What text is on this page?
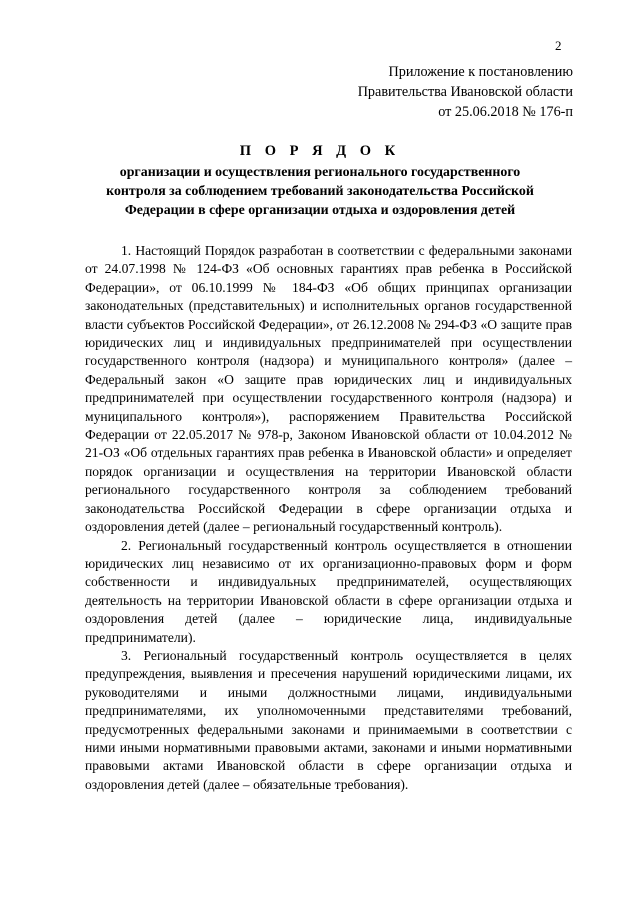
2
Приложение к постановлению
Правительства Ивановской области
от 25.06.2018 № 176-п
П О Р Я Д О К
организации и осуществления регионального государственного контроля за соблюдением требований законодательства Российской Федерации в сфере организации отдыха и оздоровления детей

1. Настоящий Порядок разработан в соответствии с федеральными законами от 24.07.1998 № 124-ФЗ «Об основных гарантиях прав ребенка в Российской Федерации», от 06.10.1999 № 184-ФЗ «Об общих принципах организации законодательных (представительных) и исполнительных органов государственной власти субъектов Российской Федерации», от 26.12.2008 № 294-ФЗ «О защите прав юридических лиц и индивидуальных предпринимателей при осуществлении государственного контроля (надзора) и муниципального контроля» (далее – Федеральный закон «О защите прав юридических лиц и индивидуальных предпринимателей при осуществлении государственного контроля (надзора) и муниципального контроля»), распоряжением Правительства Российской Федерации от 22.05.2017 № 978-р, Законом Ивановской области от 10.04.2012 № 21-ОЗ «Об отдельных гарантиях прав ребенка в Ивановской области» и определяет порядок организации и осуществления на территории Ивановской области регионального государственного контроля за соблюдением требований законодательства Российской Федерации в сфере организации отдыха и оздоровления детей (далее – региональный государственный контроль).

2. Региональный государственный контроль осуществляется в отношении юридических лиц независимо от их организационно-правовых форм и форм собственности и индивидуальных предпринимателей, осуществляющих деятельность на территории Ивановской области в сфере организации отдыха и оздоровления детей (далее – юридические лица, индивидуальные предприниматели).

3. Региональный государственный контроль осуществляется в целях предупреждения, выявления и пресечения нарушений юридическими лицами, их руководителями и иными должностными лицами, индивидуальными предпринимателями, их уполномоченными представителями требований, предусмотренных федеральными законами и принимаемыми в соответствии с ними иными нормативными правовыми актами, законами и иными нормативными правовыми актами Ивановской области в сфере организации отдыха и оздоровления детей (далее – обязательные требования).
